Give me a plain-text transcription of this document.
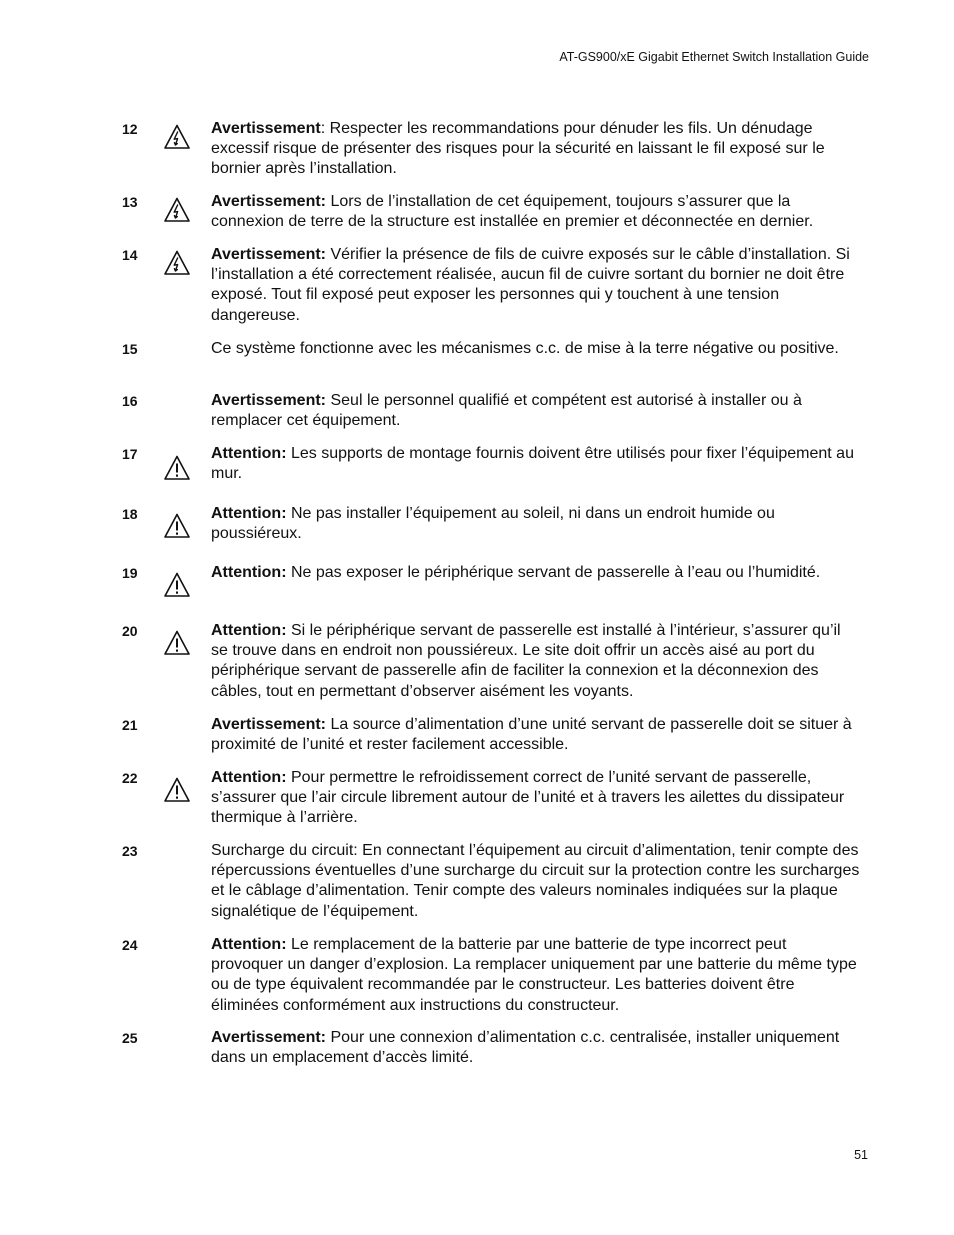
AT-GS900/xE Gigabit Ethernet Switch Installation Guide
12	Avertissement: Respecter les recommandations pour dénuder les fils. Un dénudage excessif risque de présenter des risques pour la sécurité en laissant le fil exposé sur le bornier après l’installation.
13	Avertissement: Lors de l’installation de cet équipement, toujours s’assurer que la connexion de terre de la structure est installée en premier et déconnectée en dernier.
14	Avertissement: Vérifier la présence de fils de cuivre exposés sur le câble d’installation. Si l’installation a été correctement réalisée, aucun fil de cuivre sortant du bornier ne doit être exposé. Tout fil exposé peut exposer les personnes qui y touchent à une tension dangereuse.
15	Ce système fonctionne avec les mécanismes c.c. de mise à la terre négative ou positive.
16	Avertissement: Seul le personnel qualifié et compétent est autorisé à installer ou à remplacer cet équipement.
17	Attention: Les supports de montage fournis doivent être utilisés pour fixer l’équipement au mur.
18	Attention: Ne pas installer l’équipement au soleil, ni dans un endroit humide ou poussiéreux.
19	Attention: Ne pas exposer le périphérique servant de passerelle à l’eau ou l’humidité.
20	Attention: Si le périphérique servant de passerelle est installé à l’intérieur, s’assurer qu’il se trouve dans en endroit non poussiéreux. Le site doit offrir un accès aisé au port du périphérique servant de passerelle afin de faciliter la connexion et la déconnexion des câbles, tout en permettant d’observer aisément les voyants.
21	Avertissement: La source d’alimentation d’une unité servant de passerelle doit se situer à proximité de l’unité et rester facilement accessible.
22	Attention: Pour permettre le refroidissement correct de l’unité servant de passerelle, s’assurer que l’air circule librement autour de l’unité et à travers les ailettes du dissipateur thermique à l’arrière.
23	Surcharge du circuit: En connectant l’équipement au circuit d’alimentation, tenir compte des répercussions éventuelles d’une surcharge du circuit sur la protection contre les surcharges et le câblage d’alimentation. Tenir compte des valeurs nominales indiquées sur la plaque signalétique de l’équipement.
24	Attention: Le remplacement de la batterie par une batterie de type incorrect peut provoquer un danger d’explosion. La remplacer uniquement par une batterie du même type ou de type équivalent recommandée par le constructeur. Les batteries doivent être éliminées conformément aux instructions du constructeur.
25	Avertissement: Pour une connexion d’alimentation c.c. centralisée, installer uniquement dans un emplacement d’accès limité.
51
